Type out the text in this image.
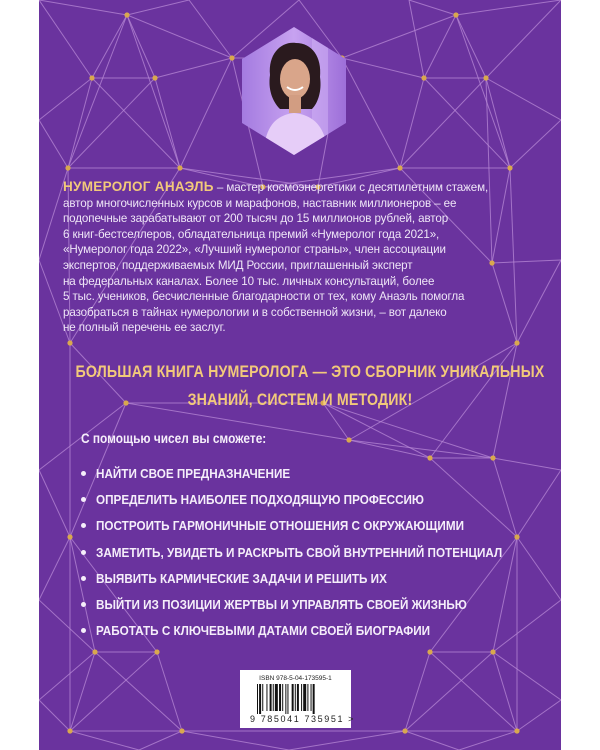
НУМЕРОЛОГ АНАЭЛЬ – мастер космоэнергетики с десятилетним стажем,
автор многочисленных курсов и марафонов, наставник миллионеров – ее
подопечные зарабатывают от 200 тысяч до 15 миллионов рублей, автор
6 книг-бестселлеров, обладательница премий «Нумеролог года 2021»,
«Нумеролог года 2022», «Лучший нумеролог страны», член ассоциации
экспертов, поддерживаемых МИД России, приглашенный эксперт
на федеральных каналах. Более 10 тыс. личных консультаций, более
5 тыс. учеников, бесчисленные благодарности от тех, кому Анаэль помогла
разобраться в тайнах нумерологии и в собственной жизни, – вот далеко
не полный перечень ее заслуг.
БОЛЬШАЯ КНИГА НУМЕРОЛОГА — ЭТО СБОРНИК УНИКАЛЬНЫХ
ЗНАНИЙ, СИСТЕМ И МЕТОДИК!
С помощью чисел вы сможете:
НАЙТИ СВОЕ ПРЕДНАЗНАЧЕНИЕ
ОПРЕДЕЛИТЬ НАИБОЛЕЕ ПОДХОДЯЩУЮ ПРОФЕССИЮ
ПОСТРОИТЬ ГАРМОНИЧНЫЕ ОТНОШЕНИЯ С ОКРУЖАЮЩИМИ
ЗАМЕТИТЬ, УВИДЕТЬ И РАСКРЫТЬ СВОЙ ВНУТРЕННИЙ ПОТЕНЦИАЛ
ВЫЯВИТЬ КАРМИЧЕСКИЕ ЗАДАЧИ И РЕШИТЬ ИХ
ВЫЙТИ ИЗ ПОЗИЦИИ ЖЕРТВЫ И УПРАВЛЯТЬ СВОЕЙ ЖИЗНЬЮ
РАБОТАТЬ С КЛЮЧЕВЫМИ ДАТАМИ СВОЕЙ БИОГРАФИИ
ISBN 978-5-04-173595-1
9 785041 735951 >
